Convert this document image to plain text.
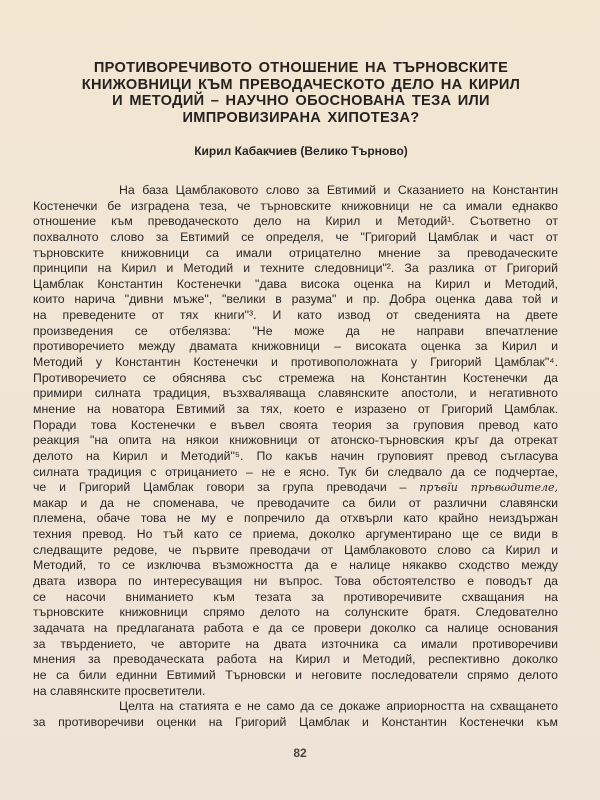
ПРОТИВОРЕЧИВОТО ОТНОШЕНИЕ НА ТЪРНОВСКИТЕ
КНИЖОВНИЦИ КЪМ ПРЕВОДАЧЕСКОТО ДЕЛО НА КИРИЛ
И МЕТОДИЙ – НАУЧНО ОБОСНОВАНА ТЕЗА ИЛИ
ИМПРОВИЗИРАНА ХИПОТЕЗА?
Кирил Кабакчиев (Велико Търново)
На база Цамблаковото слово за Евтимий и Сказанието на Константин
Костенечки бе изградена теза, че търновските книжовници не са имали еднакво
отношение към преводаческото дело на Кирил и Методий¹. Съответно от
похвалното слово за Евтимий се определя, че "Григорий Цамблак и част от
търновските книжовници са имали отрицателно мнение за преводаческите
принципи на Кирил и Методий и техните следовници"². За разлика от Григорий
Цамблак Константин Костенечки "дава висока оценка на Кирил и Методий,
които нарича "дивни мъже", "велики в разума" и пр. Добра оценка дава той и
на преведените от тях книги"³. И като извод от сведенията на двете
произведения се отбелязва: "Не може да не направи впечатление
противоречието между двамата книжовници – високата оценка за Кирил и
Методий у Константин Костенечки и противоположната у Григорий Цамблак"⁴.
Противоречието се обяснява със стремежа на Константин Костенечки да
примири силната традиция, възхваляваща славянските апостоли, и негативното
мнение на новатора Евтимий за тях, което е изразено от Григорий Цамблак.
Поради това Костенечки е въвел своята теория за груповия превод като
реакция "на опита на някои книжовници от атонско-търновския кръг да отрекат
делото на Кирил и Методий"⁵. По какъв начин груповият превод съгласува
силната традиция с отрицанието – не е ясно. Тук би следвало да се подчертае,
че и Григорий Цамблак говори за група преводачи – пръвїи прѣвωдителе,
макар и да не споменава, че преводачите са били от различни славянски
племена, обаче това не му е попречило да отхвърли като крайно неиздържан
техния превод. Но тъй като се приема, доколко аргументирано ще се види в
следващите редове, че първите преводачи от Цамблаковото слово са Кирил и
Методий, то се изключва възможността да е налице някакво сходство между
двата извора по интересуващия ни въпрос. Това обстоятелство е поводът да
се насочи вниманието към тезата за противоречивите схващания на
търновските книжовници спрямо делото на солунските братя. Следователно
задачата на предлаганата работа е да се провери доколко са налице основания
за твърдението, че авторите на двата източника са имали противоречиви
мнения за преводаческата работа на Кирил и Методий, респективно доколко
не са били единни Евтимий Търновски и неговите последователи спрямо делото
на славянските просветители.
Целта на статията е не само да се докаже априорността на схващането
за противоречиви оценки на Григорий Цамблак и Константин Костенечки към
82
